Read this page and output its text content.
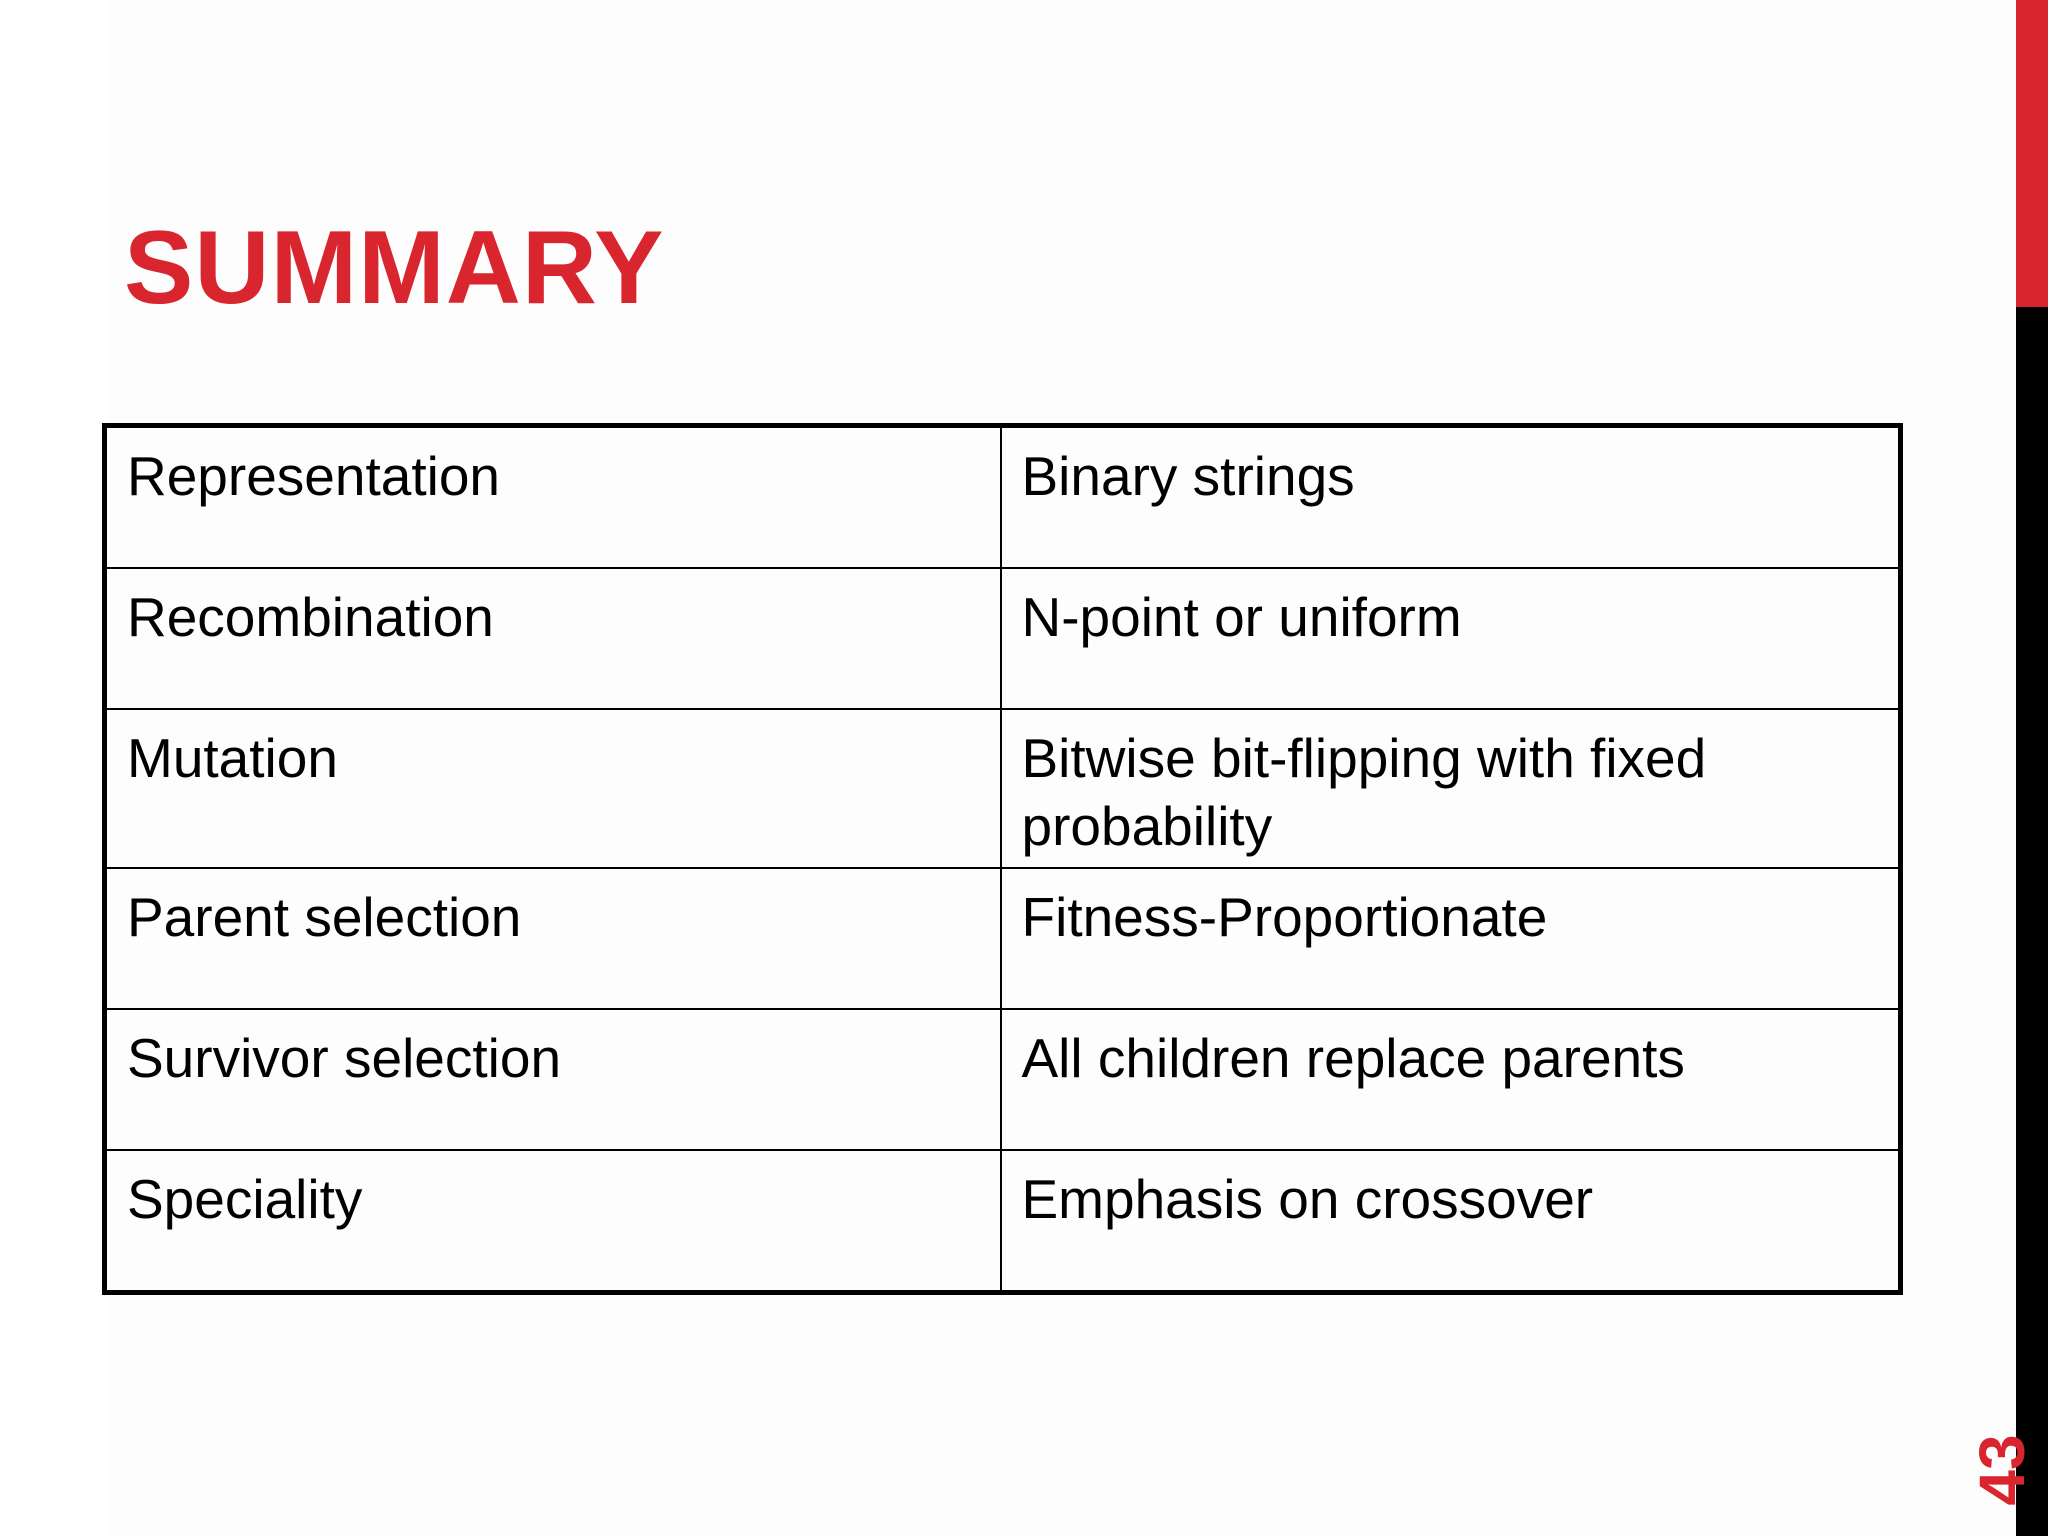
SUMMARY
Representation	Binary strings
Recombination	N-point or uniform
Mutation	Bitwise bit-flipping with fixed probability
Parent selection	Fitness-Proportionate
Survivor selection	All children replace parents
Speciality	Emphasis on crossover
43
